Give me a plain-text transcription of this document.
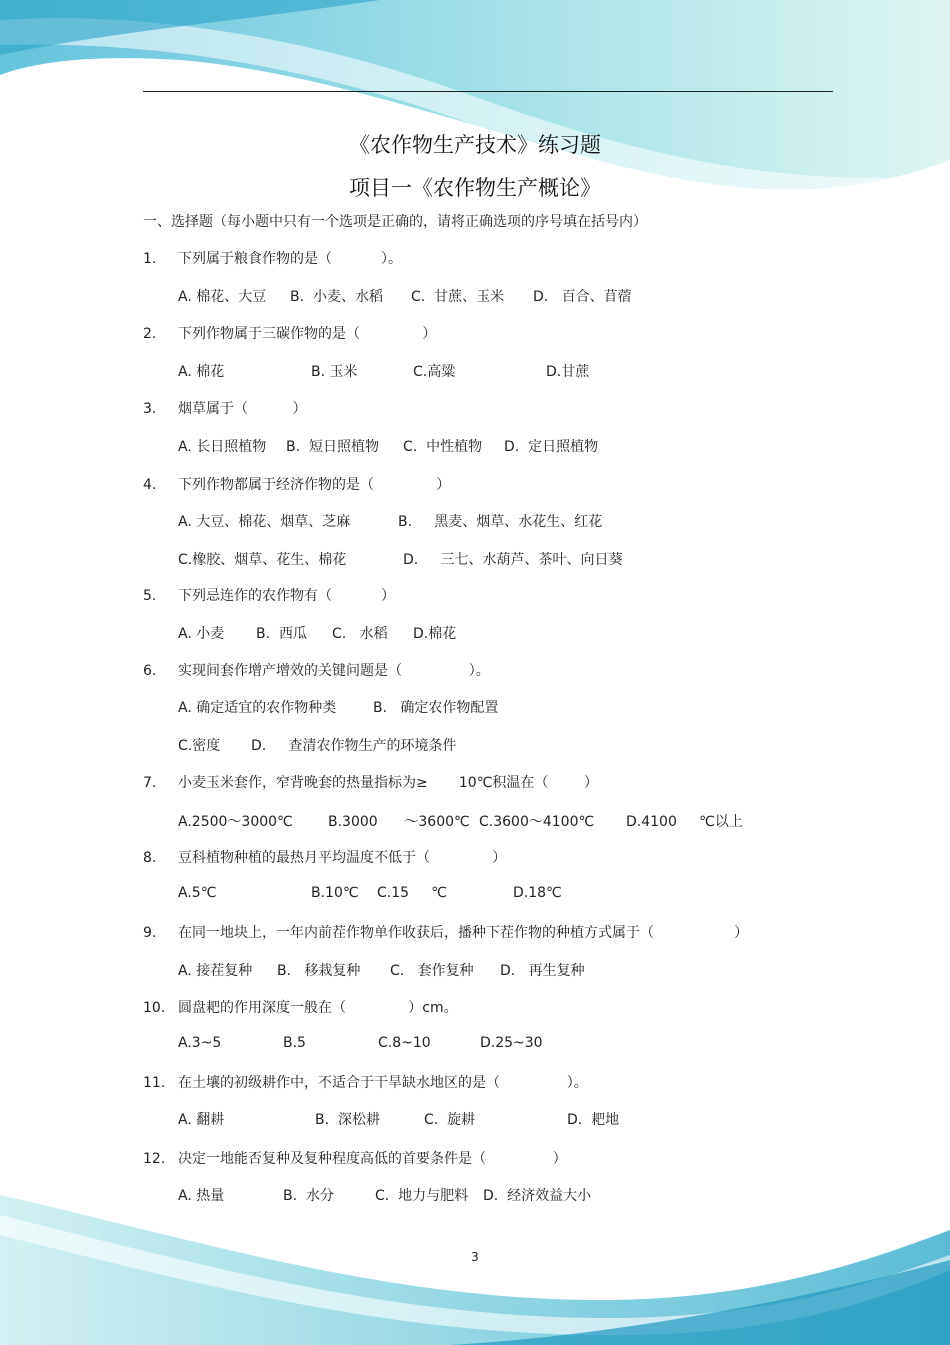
《农作物生产技术》练习题
项目一《农作物生产概论》
一、选择题（每小题中只有一个选项是正确的，请将正确选项的序号填在括号内）
1. 下列属于粮食作物的是（           ）。
A. 棉花、大豆 B.  小麦、水稻 C.  甘蔗、玉米 D.   百合、苜蓿
2. 下列作物属于三碳作物的是（              ）
A. 棉花	B. 玉米	C.高粱	D.甘蔗
3. 烟草属于（          ）
A. 长日照植物 B.  短日照植物 C.  中性植物 D.  定日照植物
4. 下列作物都属于经济作物的是（              ）
A. 大豆、棉花、烟草、芝麻	B.     黑麦、烟草、水花生、红花
C.橡胶、烟草、花生、棉花	D.     三七、水葫芦、茶叶、向日葵
5. 下列忌连作的农作物有（           ）
A. 小麦 B.  西瓜 C.   水稻 D.棉花
6. 实现间套作增产增效的关键问题是（               ）。
A. 确定适宜的农作物种类	B.   确定农作物配置
C.密度 D.     查清农作物生产的环境条件
7. 小麦玉米套作，窄背晚套的热量指标为≥       10℃积温在（        ）
A.2500～3000℃	B.3000      ～3600℃ C.3600～4100℃ D.4100     ℃以上
8. 豆科植物种植的最热月平均温度不低于（              ）
A.5℃	B.10℃ C.15     ℃	D.18℃
9. 在同一地块上，一年内前茬作物单作收获后，播种下茬作物的种植方式属于（                  ）
A. 接茬复种 B.   移栽复种 C.   套作复种 D.   再生复种
10. 圆盘耙的作用深度一般在（              ）cm。
A.3~5	B.5	C.8~10	D.25~30
11. 在土壤的初级耕作中，不适合于干旱缺水地区的是（               ）。
A. 翻耕	B.  深松耕	C.  旋耕	D.  耙地
12. 决定一地能否复种及复种程度高低的首要条件是（               ）
A. 热量	B.  水分	C.  地力与肥料 D.  经济效益大小
3
